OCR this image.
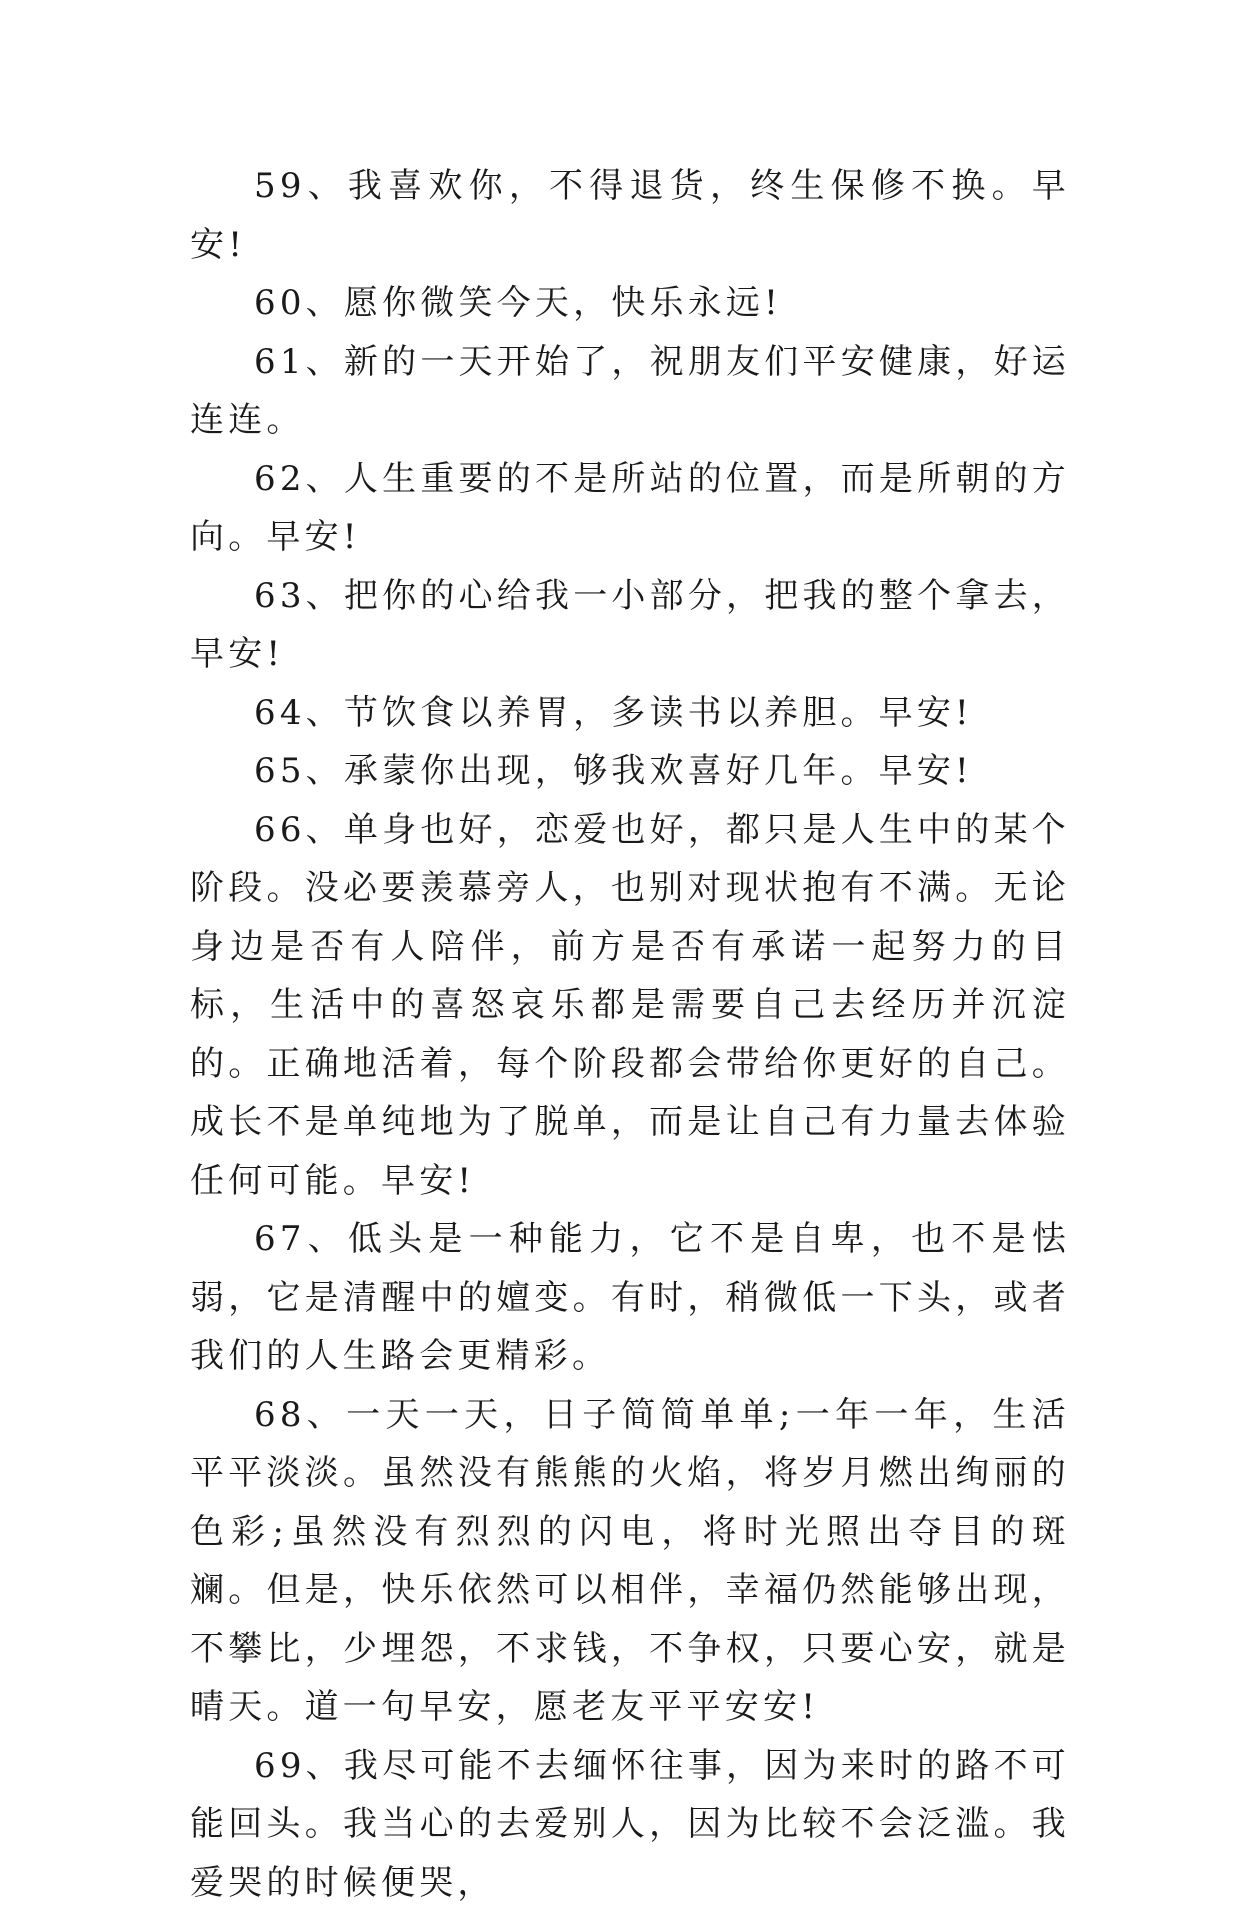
59、我喜欢你，不得退货，终生保修不换。早安!

60、愿你微笑今天，快乐永远!

61、新的一天开始了，祝朋友们平安健康，好运连连。

62、人生重要的不是所站的位置，而是所朝的方向。早安!

63、把你的心给我一小部分，把我的整个拿去，早安!

64、节饮食以养胃，多读书以养胆。早安!

65、承蒙你出现，够我欢喜好几年。早安!

66、单身也好，恋爱也好，都只是人生中的某个阶段。没必要羡慕旁人，也别对现状抱有不满。无论身边是否有人陪伴，前方是否有承诺一起努力的目标，生活中的喜怒哀乐都是需要自己去经历并沉淀的。正确地活着，每个阶段都会带给你更好的自己。成长不是单纯地为了脱单，而是让自己有力量去体验任何可能。早安!

67、低头是一种能力，它不是自卑，也不是怯弱，它是清醒中的嬗变。有时，稍微低一下头，或者我们的人生路会更精彩。

68、一天一天，日子简简单单;一年一年，生活平平淡淡。虽然没有熊熊的火焰，将岁月燃出绚丽的色彩;虽然没有烈烈的闪电，将时光照出夺目的斑斓。但是，快乐依然可以相伴，幸福仍然能够出现，不攀比，少埋怨，不求钱，不争权，只要心安，就是晴天。道一句早安，愿老友平平安安!

69、我尽可能不去缅怀往事，因为来时的路不可能回头。我当心的去爱别人，因为比较不会泛滥。我爱哭的时候便哭，
